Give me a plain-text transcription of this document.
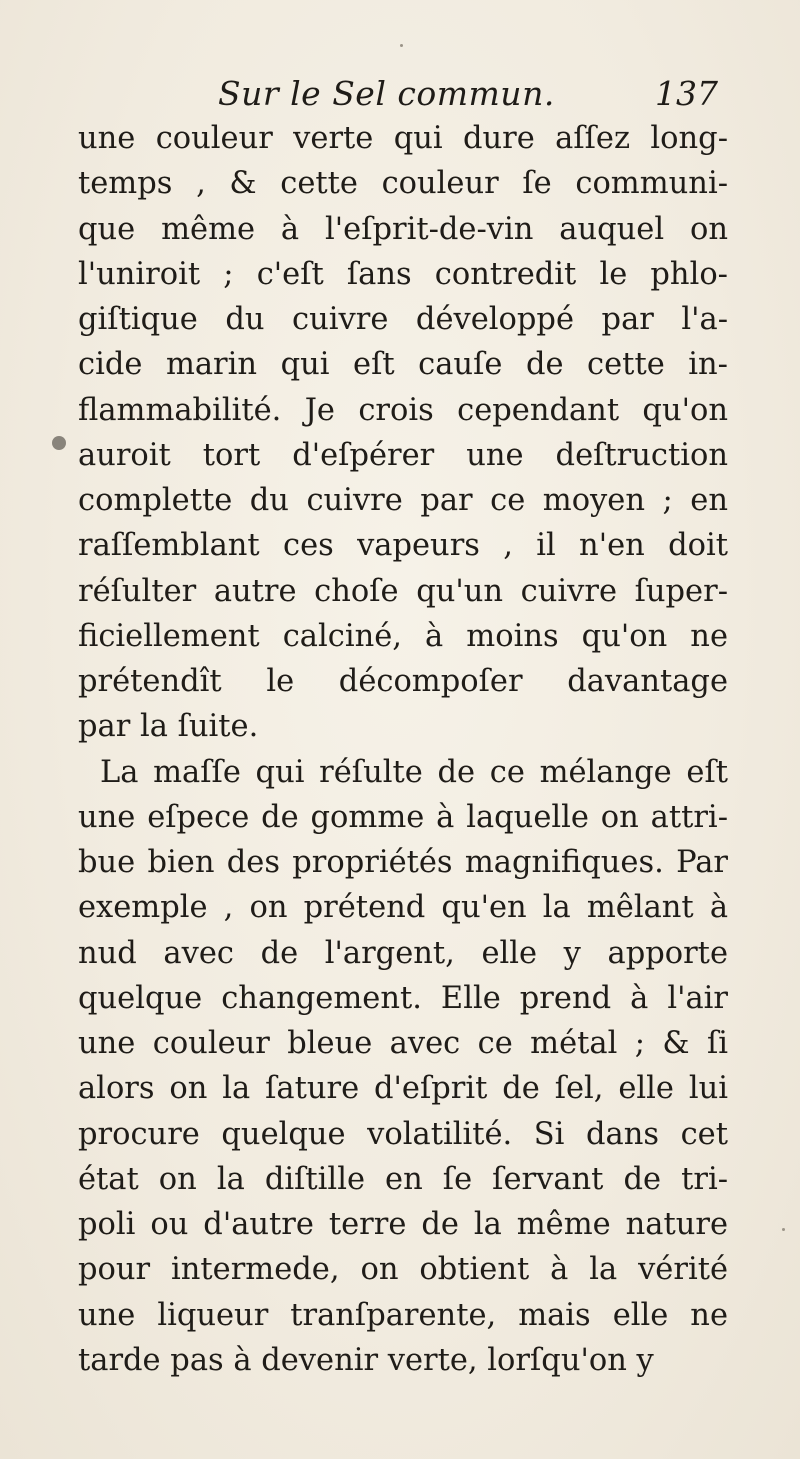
Sur le Sel commun.	137
une couleur verte qui dure aſſez long-
temps , & cette couleur ſe communi-
que même à l'eſprit-de-vin auquel on
l'uniroit ; c'eſt ſans contredit le phlo-
giſtique du cuivre développé par l'a-
cide marin qui eſt cauſe de cette in-
flammabilité. Je crois cependant qu'on
auroit tort d'eſpérer une deſtruction
complette du cuivre par ce moyen ; en
raſſemblant ces vapeurs , il n'en doit
réſulter autre choſe qu'un cuivre ſuper-
ficiellement calciné, à moins qu'on ne
prétendît le décompoſer davantage
par la ſuite.
La maſſe qui réſulte de ce mélange eſt
une eſpece de gomme à laquelle on attri-
bue bien des propriétés magnifiques. Par
exemple , on prétend qu'en la mêlant à
nud avec de l'argent, elle y apporte
quelque changement. Elle prend à l'air
une couleur bleue avec ce métal ; & ſi
alors on la ſature d'eſprit de ſel, elle lui
procure quelque volatilité. Si dans cet
état on la diſtille en ſe ſervant de tri-
poli ou d'autre terre de la même nature
pour intermede, on obtient à la vérité
une liqueur tranſparente, mais elle ne
tarde pas à devenir verte, lorſqu'on y
